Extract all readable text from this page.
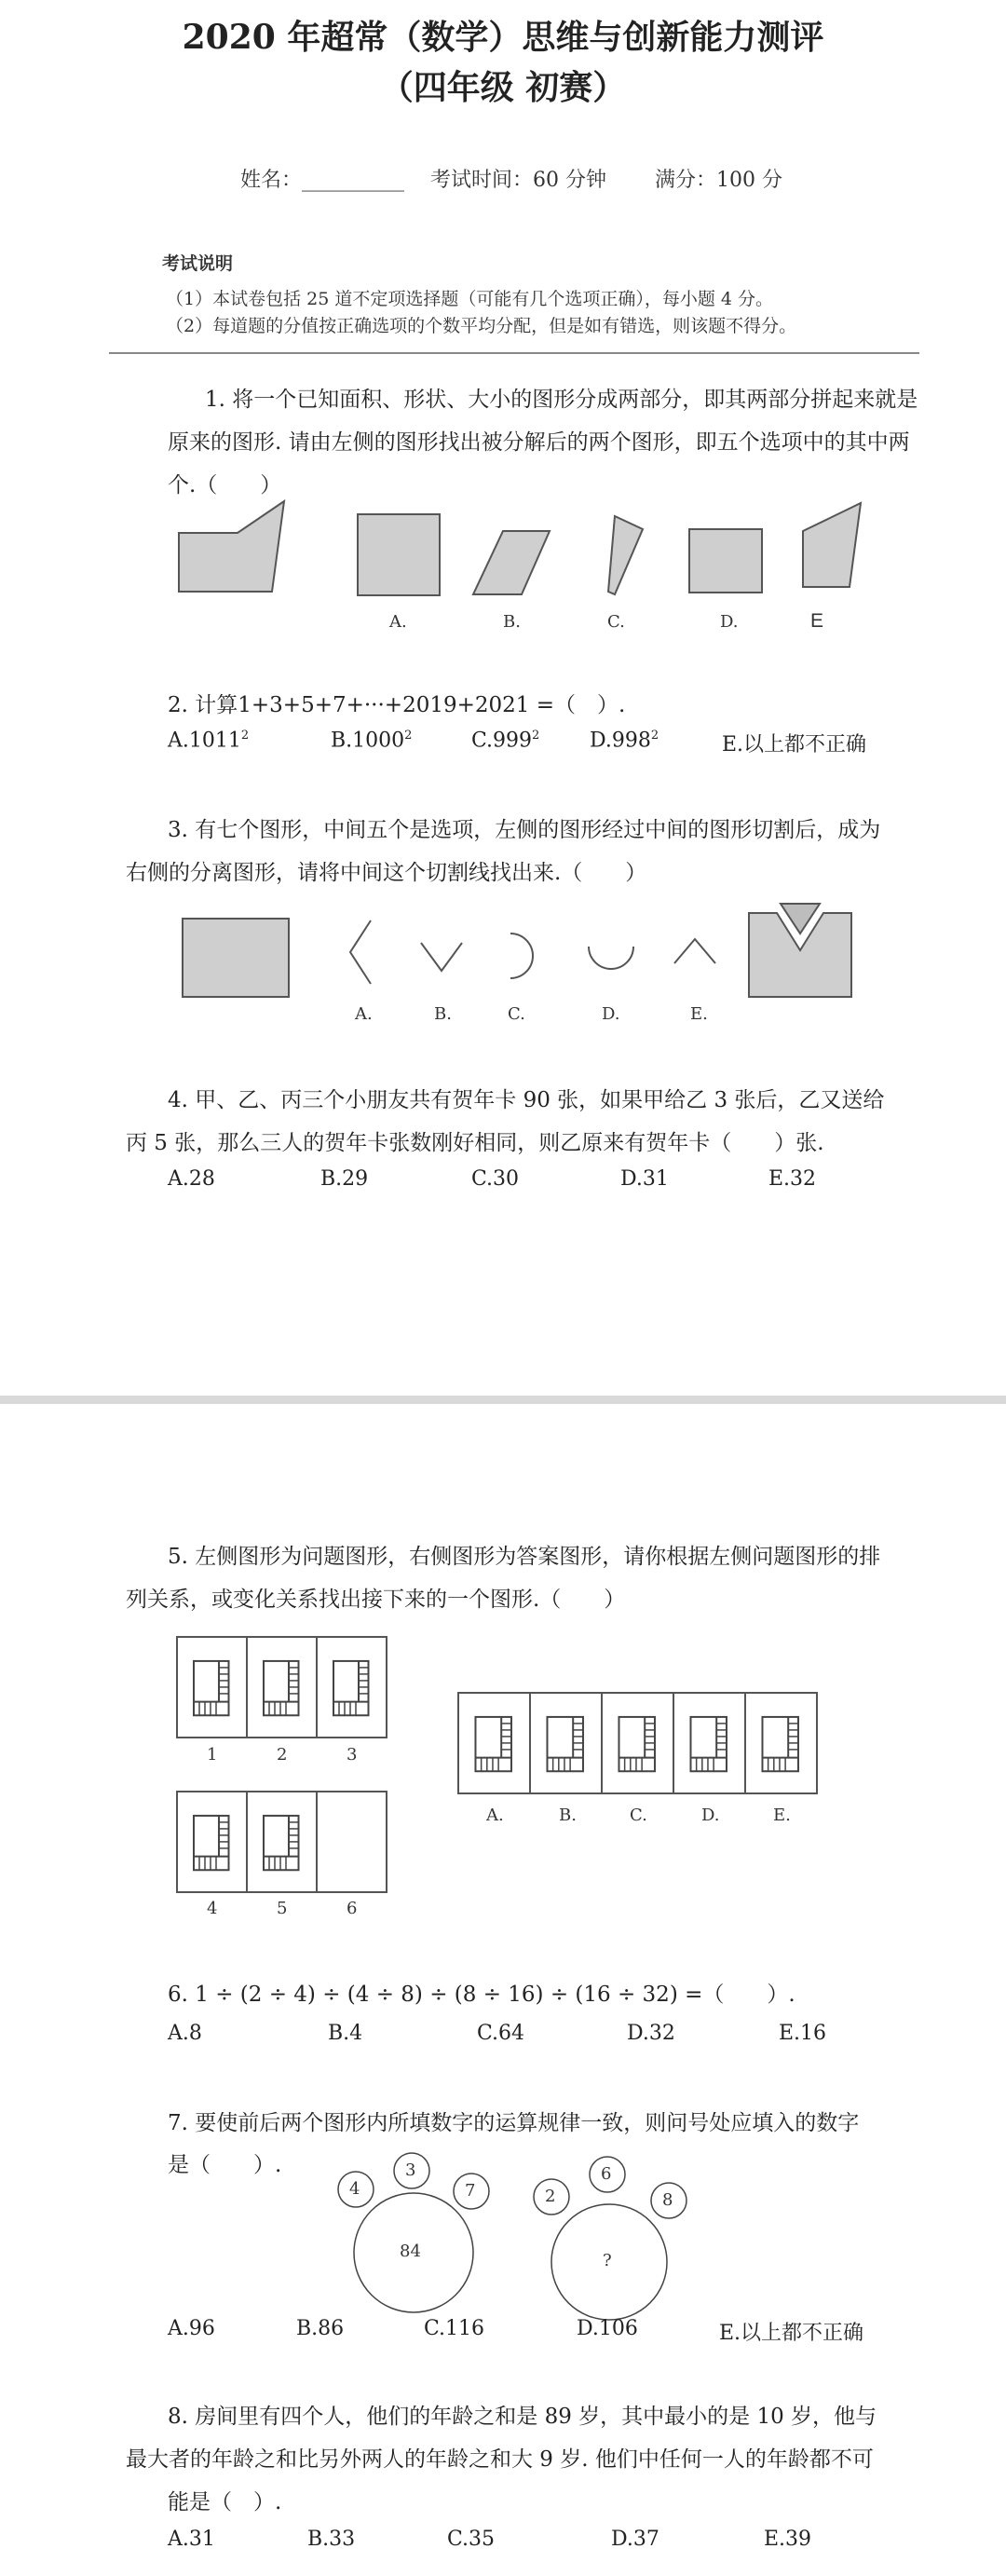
2020 年超常（数学）思维与创新能力测评
（四年级 初赛）
姓名：__________ 考试时间：60 分钟 满分：100 分
考试说明
（1）本试卷包括 25 道不定项选择题（可能有几个选项正确），每小题 4 分。
（2）每道题的分值按正确选项的个数平均分配，但是如有错选，则该题不得分。
1. 将一个已知面积、形状、大小的图形分成两部分，即其两部分拼起来就是
原来的图形. 请由左侧的图形找出被分解后的两个图形，即五个选项中的其中两
个.（　　）
A.	B.	C.	D.	E
2. 计算1+3+5+7+···+2019+2021 =（　）.
A.1011$^2$	B.1000$^2$	C.999$^2$ D.998$^2$	E.以上都不正确
3. 有七个图形，中间五个是选项，左侧的图形经过中间的图形切割后，成为
右侧的分离图形，请将中间这个切割线找出来.（　　）
A.	B.	C.	D.	E.
4. 甲、乙、丙三个小朋友共有贺年卡 90 张，如果甲给乙 3 张后，乙又送给
丙 5 张，那么三人的贺年卡张数刚好相同，则乙原来有贺年卡（　　）张.
A.28	B.29	C.30	D.31	E.32
5. 左侧图形为问题图形，右侧图形为答案图形，请你根据左侧问题图形的排
列关系，或变化关系找出接下来的一个图形.（　　）
1	2	3
4	5	6
A.	B.	C.	D.	E.
6. 1 ÷ (2 ÷ 4) ÷ (4 ÷ 8) ÷ (8 ÷ 16) ÷ (16 ÷ 32) =（　　）.
A.8	B.4	C.64	D.32	E.16
7. 要使前后两个图形内所填数字的运算规律一致，则问号处应填入的数字
是（　　）.
4
3
7
84
2
6
8
?
A.96	B.86	C.116	D.106	E.以上都不正确
8. 房间里有四个人，他们的年龄之和是 89 岁，其中最小的是 10 岁，他与
最大者的年龄之和比另外两人的年龄之和大 9 岁. 他们中任何一人的年龄都不可
能是（　）.
A.31	B.33	C.35	D.37	E.39
